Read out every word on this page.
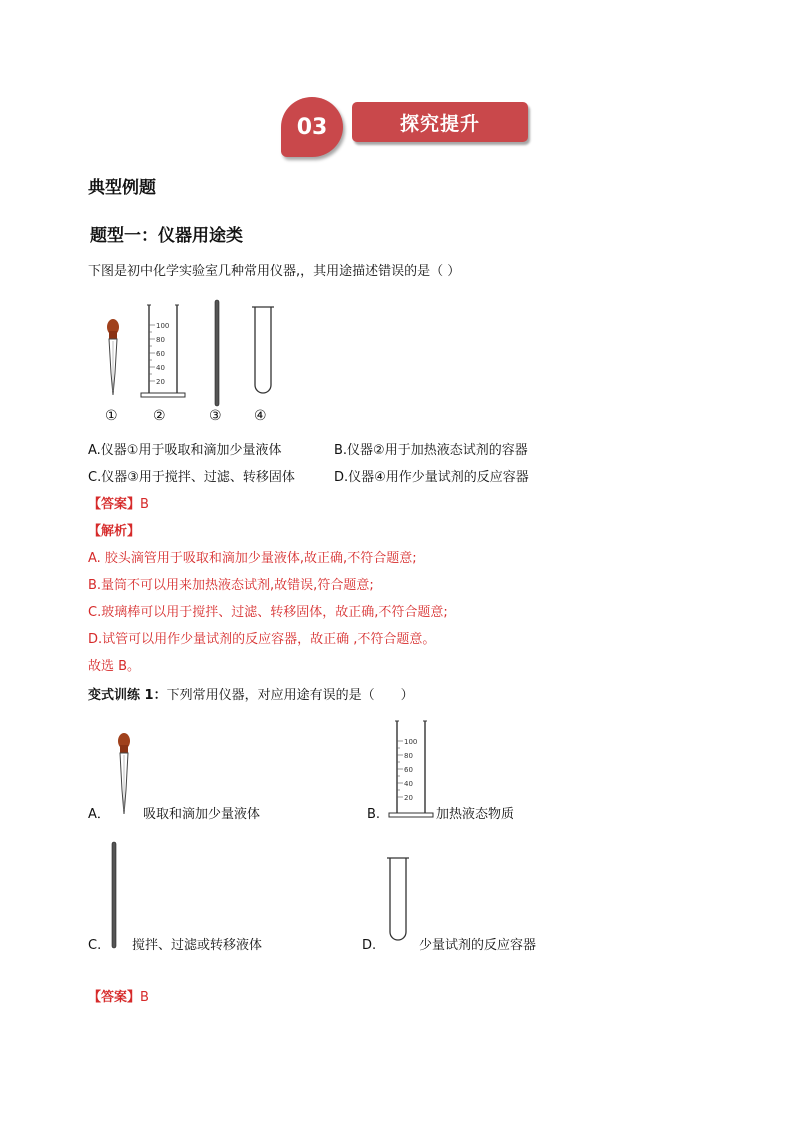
03	探究提升
典型例题
题型一：仪器用途类
下图是初中化学实验室几种常用仪器,，其用途描述错误的是（ ）
100
80
60
40
20
①	②	③ ④
A.仪器①用于吸取和滴加少量液体	B.仪器②用于加热液态试剂的容器
C.仪器③用于搅拌、过滤、转移固体	D.仪器④用作少量试剂的反应容器
【答案】B
【解析】
A. 胶头滴管用于吸取和滴加少量液体,故正确,不符合题意;
B.量筒不可以用来加热液态试剂,故错误,符合题意;
C.玻璃棒可以用于搅拌、过滤、转移固体，故正确,不符合题意;
D.试管可以用作少量试剂的反应容器，故正确 ,不符合题意。
故选 B。
变式训练 1：下列常用仪器，对应用途有误的是（　　）
A．	吸取和滴加少量液体
100
80
60
40
20
B.	加热液态物质
C. 搅拌、过滤或转移液体	D.	少量试剂的反应容器
【答案】B
